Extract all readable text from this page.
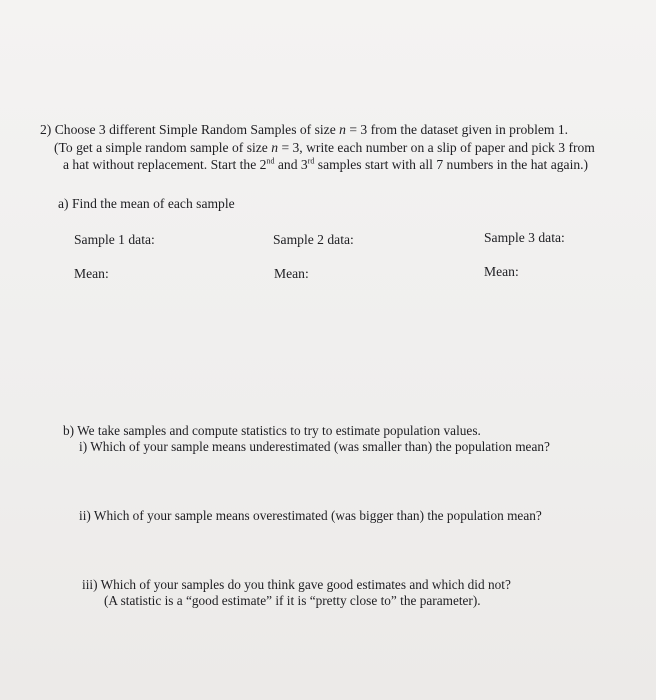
2) Choose 3 different Simple Random Samples of size n = 3 from the dataset given in problem 1.
(To get a simple random sample of size n = 3, write each number on a slip of paper and pick 3 from
a hat without replacement. Start the 2nd and 3rd samples start with all 7 numbers in the hat again.)
a) Find the mean of each sample
Sample 1 data:	Sample 2 data:	Sample 3 data:
Mean:	Mean:	Mean:
b) We take samples and compute statistics to try to estimate population values.
i) Which of your sample means underestimated (was smaller than) the population mean?
ii) Which of your sample means overestimated (was bigger than) the population mean?
iii) Which of your samples do you think gave good estimates and which did not?
(A statistic is a “good estimate” if it is “pretty close to” the parameter).
